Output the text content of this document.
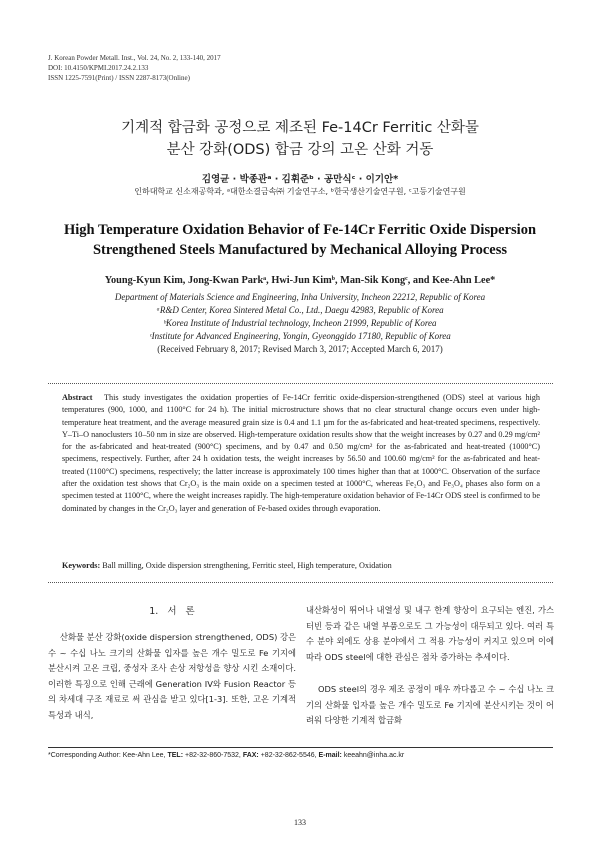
J. Korean Powder Metall. Inst., Vol. 24, No. 2, 133-140, 2017
DOI: 10.4150/KPMI.2017.24.2.133
ISSN 1225-7591(Print) / ISSN 2287-8173(Online)
기계적 합금화 공정으로 제조된 Fe-14Cr Ferritic 산화물
분산 강화(ODS) 합금 강의 고온 산화 거동
김영균 · 박종관ᵃ · 김휘준ᵇ · 공만식ᶜ · 이기안*
인하대학교 신소재공학과, ᵃ대한소결금속㈜ 기술연구소, ᵇ한국생산기술연구원, ᶜ고등기술연구원
High Temperature Oxidation Behavior of Fe-14Cr Ferritic Oxide Dispersion
Strengthened Steels Manufactured by Mechanical Alloying Process
Young-Kyun Kim, Jong-Kwan Parkᵃ, Hwi-Jun Kimᵇ, Man-Sik Kongᶜ, and Kee-Ahn Lee*
Department of Materials Science and Engineering, Inha University, Incheon 22212, Republic of Korea
ᵃR&D Center, Korea Sintered Metal Co., Ltd., Daegu 42983, Republic of Korea
ᵇKorea Institute of Industrial technology, Incheon 21999, Republic of Korea
ᶜInstitute for Advanced Engineering, Yongin, Gyeonggido 17180, Republic of Korea
(Received February 8, 2017; Revised March 3, 2017; Accepted March 6, 2017)
Abstract This study investigates the oxidation properties of Fe-14Cr ferritic oxide-dispersion-strengthened (ODS) steel at various high temperatures (900, 1000, and 1100°C for 24 h). The initial microstructure shows that no clear structural change occurs even under high-temperature heat treatment, and the average measured grain size is 0.4 and 1.1 µm for the as-fabricated and heat-treated specimens, respectively. Y–Ti–O nanoclusters 10–50 nm in size are observed. High-temperature oxidation results show that the weight increases by 0.27 and 0.29 mg/cm² for the as-fabricated and heat-treated (900°C) specimens, and by 0.47 and 0.50 mg/cm² for the as-fabricated and heat-treated (1000°C) specimens, respectively. Further, after 24 h oxidation tests, the weight increases by 56.50 and 100.60 mg/cm² for the as-fabricated and heat-treated (1100°C) specimens, respectively; the latter increase is approximately 100 times higher than that at 1000°C. Observation of the surface after the oxidation test shows that Cr₂O₃ is the main oxide on a specimen tested at 1000°C, whereas Fe₂O₃ and Fe₃O₄ phases also form on a specimen tested at 1100°C, where the weight increases rapidly. The high-temperature oxidation behavior of Fe-14Cr ODS steel is confirmed to be dominated by changes in the Cr₂O₃ layer and generation of Fe-based oxides through evaporation.
Keywords: Ball milling, Oxide dispersion strengthening, Ferritic steel, High temperature, Oxidation
1. 서 론
산화물 분산 강화(oxide dispersion strengthened, ODS) 강은 수 ~ 수십 나노 크기의 산화물 입자를 높은 개수 밀도로 Fe 기지에 분산시켜 고온 크립, 중성자 조사 손상 저항성을 향상 시킨 소재이다. 이러한 특징으로 인해 근래에 Generation IV와 Fusion Reactor 등의 차세대 구조 재료로 써 관심을 받고 있다[1-3]. 또한, 고온 기계적 특성과 내식,
내산화성이 뛰어나 내열성 및 내구 한계 향상이 요구되는 엔진, 가스 터빈 등과 같은 내열 부품으로도 그 가능성이 대두되고 있다. 여러 특수 분야 외에도 상용 분야에서 그 적용 가능성이 커지고 있으며 이에 따라 ODS steel에 대한 관심은 점차 증가하는 추세이다.
ODS steel의 경우 제조 공정이 매우 까다롭고 수 ~ 수십 나노 크기의 산화물 입자를 높은 개수 밀도로 Fe 기지에 분산시키는 것이 어려워 다양한 기계적 합금화
*Corresponding Author: Kee-Ahn Lee, TEL: +82-32-860-7532, FAX: +82-32-862-5546, E-mail: keeahn@inha.ac.kr
133
